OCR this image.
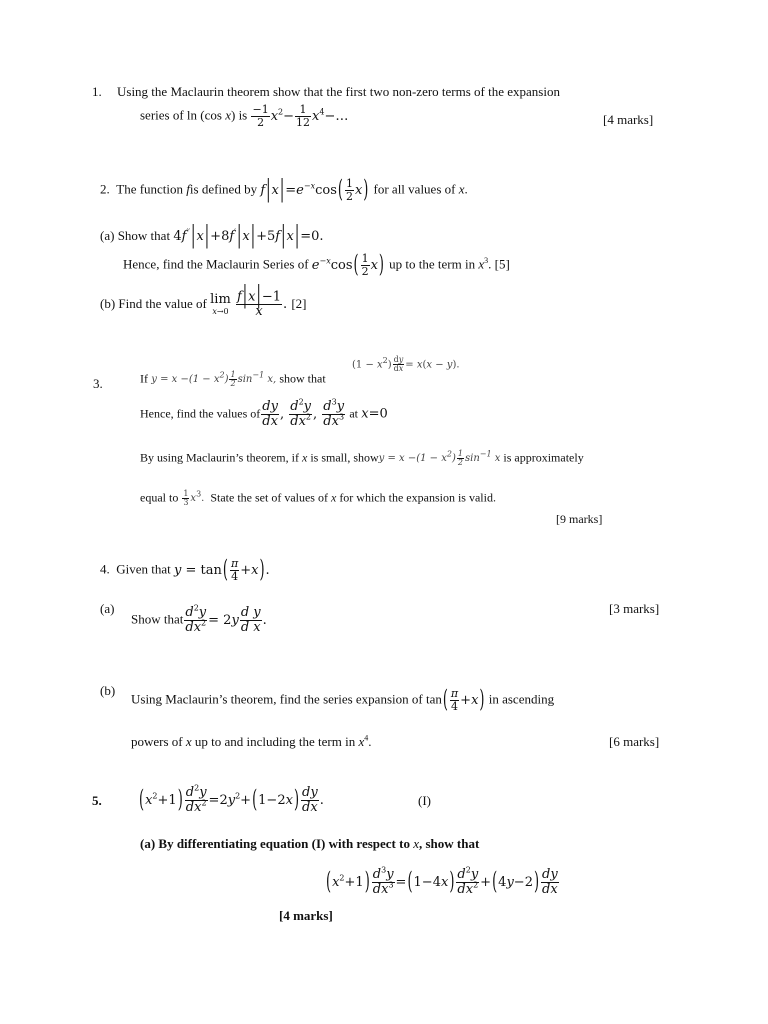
1. Using the Maclaurin theorem show that the first two non-zero terms of the expansion
series of ln (cos x) is $\frac{-1}{2} x^2- \frac{1}{12}$ $x^4-\dots$	[4 marks]
2. The function fis defined by $f|x|=e^{-x}\cos( \frac{1}{2} x)$ for all values of x.
(a) Show that 4f′′|x|+8f′|x|+5f|x|=0.
Hence, find the Maclaurin Series of $e^{-x}\cos( \frac{1}{2} x)$ up to the term in $x^3$. [5]
(b) Find the value of lim
x→0
$\frac{f|x|-1}{x}$ . [2]
3.	If $y = x -(1 - x^2) \frac{1}{2} \sin^{-1} x$, show that
$(1 - x^2) \frac{dy}{dx} = x(x - y)$.
Hence, find the values of $\frac{dy}{dx}$ , $\frac{d^2y}{dx^2}$ , $\frac{d^3y}{dx^3}$ at x=0
By using Maclaurin’s theorem, if x is small, showy = $x -(1 - x^2) \frac{1}{2} \sin^{-1} x$ is approximately
equal to $\frac{1}{3} x^3$. State the set of values of x for which the expansion is valid.
[9 marks]
4. Given that $y = \tan( \frac{\pi}{4} +x)$.
(a)
Show that $\frac{d^2y}{dx^2} = 2y \frac{\text{d y}}{\text{d x}}$ .
[3 marks]
(b)
Using Maclaurin’s theorem, find the series expansion of $\tan( \frac{\pi}{4} +x)$ in ascending
powers of x up to and including the term in $x^4$.	[6 marks]
5.	$(x^2+1) \frac{d^2y}{dx^2} =2y^2+(1-2x) \frac{dy}{dx}$ .	(I)
(a) By differentiating equation (I) with respect to x, show that
$(x^2+1) \frac{d^3y}{dx^3} =(1-4x) \frac{d^2y}{dx^2} +(4y-2) \frac{dy}{dx}$
[4 marks]
